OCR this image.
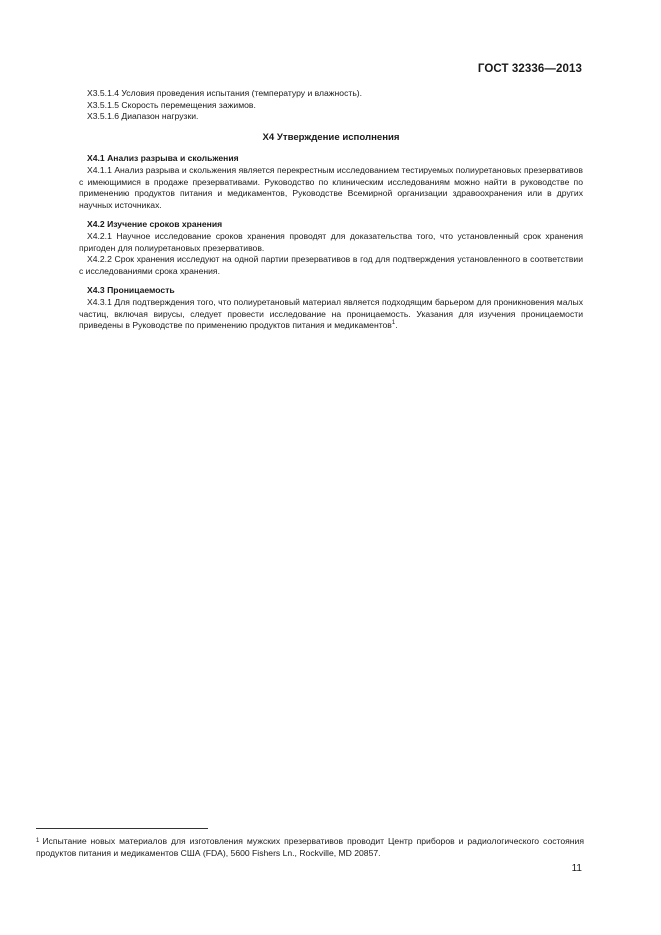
ГОСТ 32336—2013

X3.5.1.4 Условия проведения испытания (температуру и влажность).

X3.5.1.5 Скорость перемещения зажимов.

X3.5.1.6 Диапазон нагрузки.

Х4 Утверждение исполнения

Х4.1 Анализ разрыва и скольжения

Х4.1.1 Анализ разрыва и скольжения является перекрестным исследованием тестируемых полиуретановых презервативов с имеющимися в продаже презервативами. Руководство по клиническим исследованиям можно найти в руководстве по применению продуктов питания и медикаментов, Руководстве Всемирной организации здравоохранения или в других научных источниках.

Х4.2 Изучение сроков хранения

Х4.2.1 Научное исследование сроков хранения проводят для доказательства того, что установленный срок хранения пригоден для полиуретановых презервативов.

Х4.2.2 Срок хранения исследуют на одной партии презервативов в год для подтверждения установленного в соответствии с исследованиями срока хранения.

Х4.3 Проницаемость

Х4.3.1 Для подтверждения того, что полиуретановый материал является подходящим барьером для проникновения малых частиц, включая вирусы, следует провести исследование на проницаемость. Указания для изучения проницаемости приведены в Руководстве по применению продуктов питания и медикаментов$^1$.

$^1$ Испытание новых материалов для изготовления мужских презервативов проводит Центр приборов и радиологического состояния продуктов питания и медикаментов США (FDA), 5600 Fishers Ln., Rockville, MD 20857.
11
